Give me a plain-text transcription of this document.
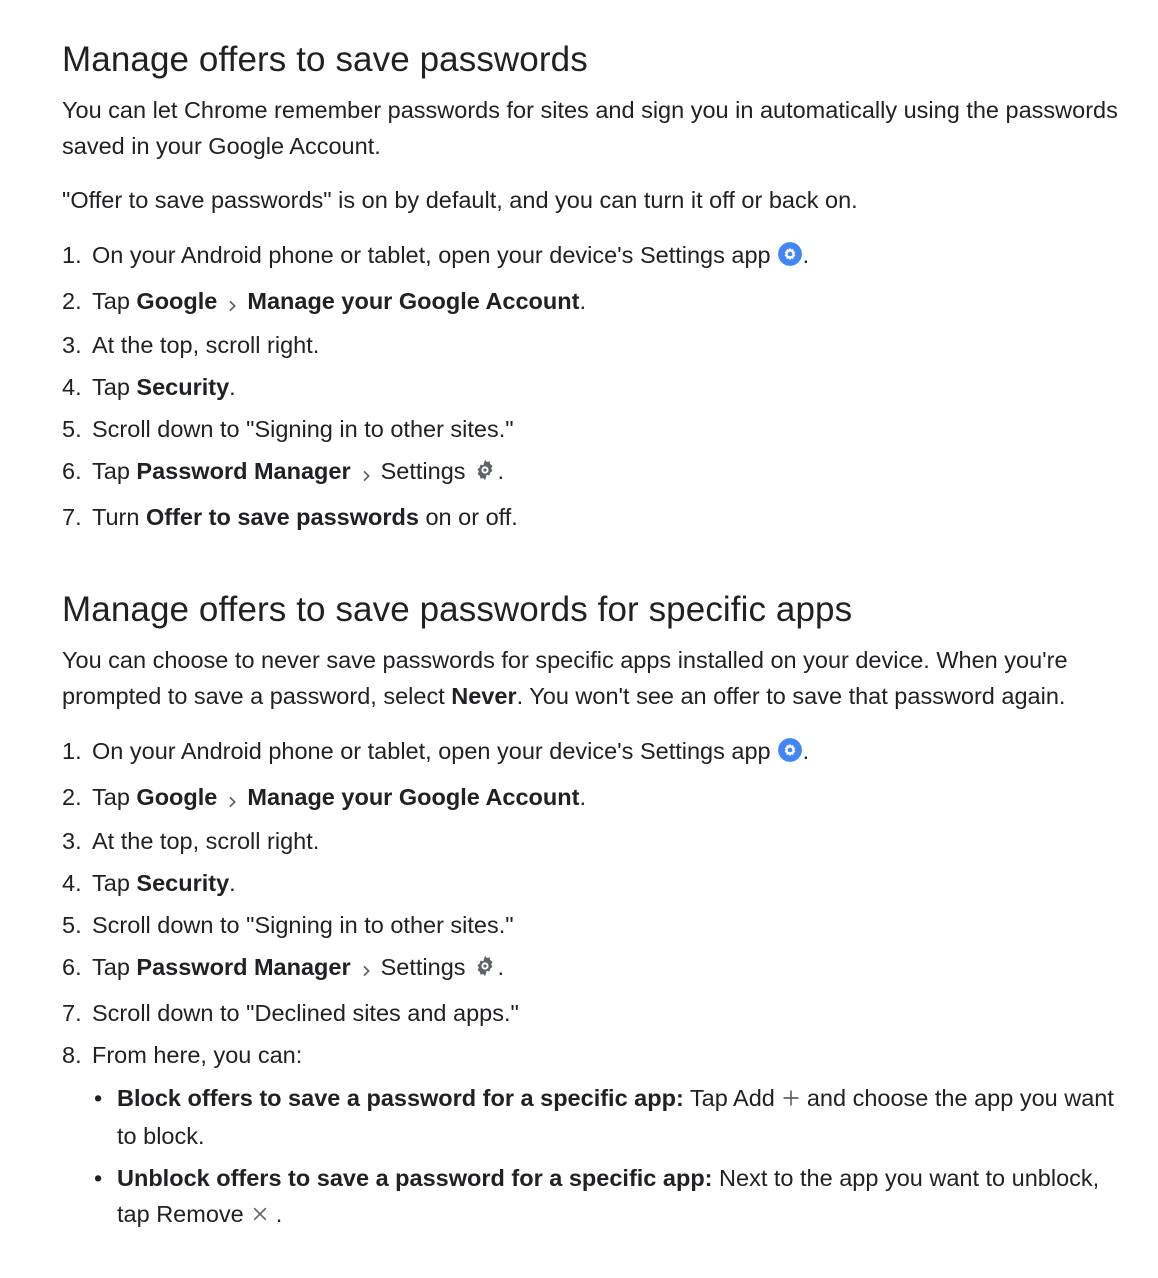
Manage offers to save passwords

You can let Chrome remember passwords for sites and sign you in automatically using the passwords saved in your Google Account.

"Offer to save passwords" is on by default, and you can turn it off or back on.

1. On your Android phone or tablet, open your device's Settings app .
2. Tap Google Manage your Google Account.
3. At the top, scroll right.
4. Tap Security.
5. Scroll down to "Signing in to other sites."
6. Tap Password Manager Settings .
7. Turn Offer to save passwords on or off.
Manage offers to save passwords for specific apps

You can choose to never save passwords for specific apps installed on your device. When you're prompted to save a password, select Never. You won't see an offer to save that password again.

1. On your Android phone or tablet, open your device's Settings app .
2. Tap Google Manage your Google Account.
3. At the top, scroll right.
4. Tap Security.
5. Scroll down to "Signing in to other sites."
6. Tap Password Manager Settings .
7. Scroll down to "Declined sites and apps."
8. From here, you can:
• Block offers to save a password for a specific app: Tap Add and choose the app you want to block.
• Unblock offers to save a password for a specific app: Next to the app you want to unblock, tap Remove .
